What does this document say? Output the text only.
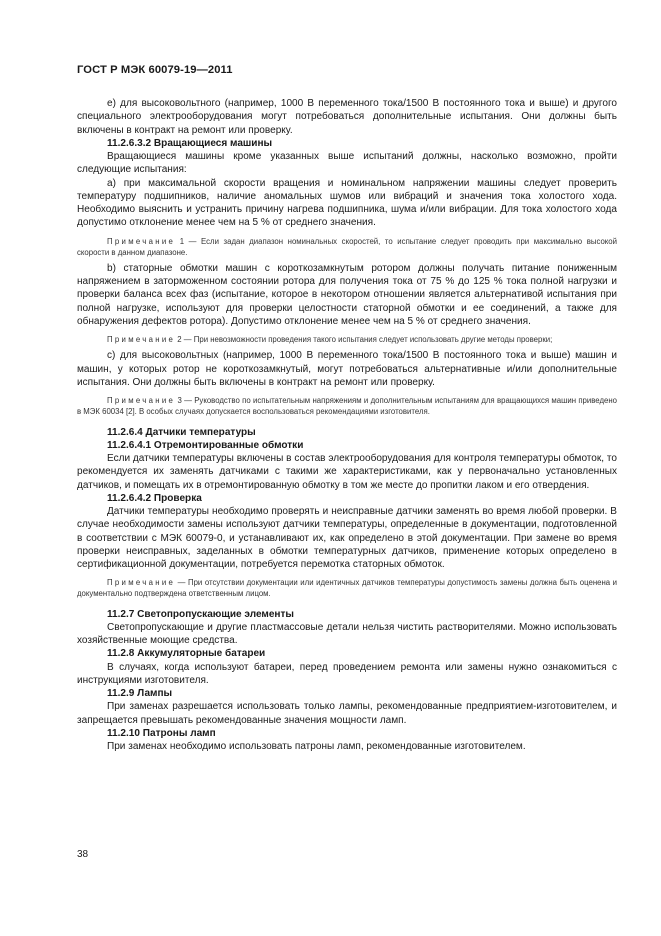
ГОСТ Р МЭК 60079-19—2011

е) для высоковольтного (например, 1000 В переменного тока/1500 В постоянного тока и выше) и другого специального электрооборудования могут потребоваться дополнительные испытания. Они должны быть включены в контракт на ремонт или проверку.

11.2.6.3.2 Вращающиеся машины

Вращающиеся машины кроме указанных выше испытаний должны, насколько возможно, пройти следующие испытания:

а) при максимальной скорости вращения и номинальном напряжении машины следует проверить температуру подшипников, наличие аномальных шумов или вибраций и значения тока холостого хода. Необходимо выяснить и устранить причину нагрева подшипника, шума и/или вибрации. Для тока холостого хода допустимо отклонение менее чем на 5 % от среднего значения.

Примечание 1 — Если задан диапазон номинальных скоростей, то испытание следует проводить при максимально высокой скорости в данном диапазоне.

b) статорные обмотки машин с короткозамкнутым ротором должны получать питание пониженным напряжением в заторможенном состоянии ротора для получения тока от 75 % до 125 % тока полной нагрузки и проверки баланса всех фаз (испытание, которое в некотором отношении является альтернативой испытания при полной нагрузке, используют для проверки целостности статорной обмотки и ее соединений, а также для обнаружения дефектов ротора). Допустимо отклонение менее чем на 5 % от среднего значения.

Примечание 2 — При невозможности проведения такого испытания следует использовать другие методы проверки;

с) для высоковольтных (например, 1000 В переменного тока/1500 В постоянного тока и выше) машин и машин, у которых ротор не короткозамкнутый, могут потребоваться альтернативные и/или дополнительные испытания. Они должны быть включены в контракт на ремонт или проверку.

Примечание 3 — Руководство по испытательным напряжениям и дополнительным испытаниям для вращающихся машин приведено в МЭК 60034 [2]. В особых случаях допускается воспользоваться рекомендациями изготовителя.

11.2.6.4 Датчики температуры

11.2.6.4.1 Отремонтированные обмотки

Если датчики температуры включены в состав электрооборудования для контроля температуры обмоток, то рекомендуется их заменять датчиками с такими же характеристиками, как у первоначально установленных датчиков, и помещать их в отремонтированную обмотку в том же месте до пропитки лаком и его отвердения.

11.2.6.4.2 Проверка

Датчики температуры необходимо проверять и неисправные датчики заменять во время любой проверки. В случае необходимости замены используют датчики температуры, определенные в документации, подготовленной в соответствии с МЭК 60079-0, и устанавливают их, как определено в этой документации. При замене во время проверки неисправных, заделанных в обмотки температурных датчиков, применение которых определено в сертификационной документации, потребуется перемотка статорных обмоток.

Примечание — При отсутствии документации или идентичных датчиков температуры допустимость замены должна быть оценена и документально подтверждена ответственным лицом.

11.2.7 Светопропускающие элементы

Светопропускающие и другие пластмассовые детали нельзя чистить растворителями. Можно использовать хозяйственные моющие средства.

11.2.8 Аккумуляторные батареи

В случаях, когда используют батареи, перед проведением ремонта или замены нужно ознакомиться с инструкциями изготовителя.

11.2.9 Лампы

При заменах разрешается использовать только лампы, рекомендованные предприятием-изготовителем, и запрещается превышать рекомендованные значения мощности ламп.

11.2.10 Патроны ламп

При заменах необходимо использовать патроны ламп, рекомендованные изготовителем.

38
